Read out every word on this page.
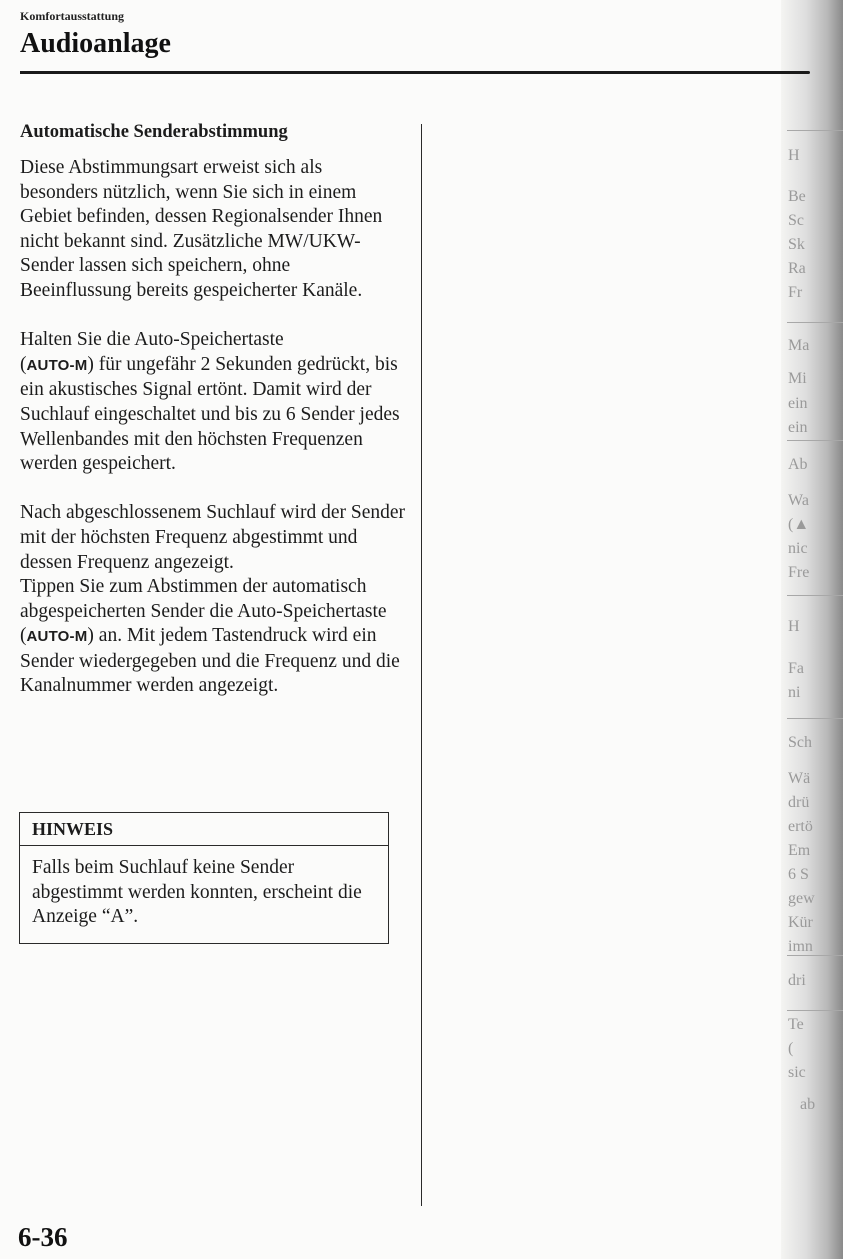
H
Be
Sc
Sk
Ra
Fr
Ma
Mi
ein
ein
Ab
Wa
(▲
nic
Fre
H
Fa
ni
Sch
Wä
drü
ertö
Em
6 S
gew
Kür
imn
dri
Te
(
sic
ab

Komfortausstattung

Audioanlage
Automatische Senderabstimmung

Diese Abstimmungsart erweist sich als besonders nützlich, wenn Sie sich in einem Gebiet befinden, dessen Regionalsender Ihnen nicht bekannt sind. Zusätzliche MW/UKW-Sender lassen sich speichern, ohne Beeinflussung bereits gespeicherter Kanäle.

Halten Sie die Auto-Speichertaste
(AUTO-M) für ungefähr 2 Sekunden gedrückt, bis ein akustisches Signal ertönt. Damit wird der Suchlauf eingeschaltet und bis zu 6 Sender jedes Wellenbandes mit den höchsten Frequenzen werden gespeichert.

Nach abgeschlossenem Suchlauf wird der Sender mit der höchsten Frequenz abgestimmt und dessen Frequenz angezeigt.

Tippen Sie zum Abstimmen der automatisch abgespeicherten Sender die Auto-Speichertaste (AUTO-M) an. Mit jedem Tastendruck wird ein Sender wiedergegeben und die Frequenz und die Kanalnummer werden angezeigt.

HINWEIS

Falls beim Suchlauf keine Sender abgestimmt werden konnten, erscheint die Anzeige “A”.

6-36
